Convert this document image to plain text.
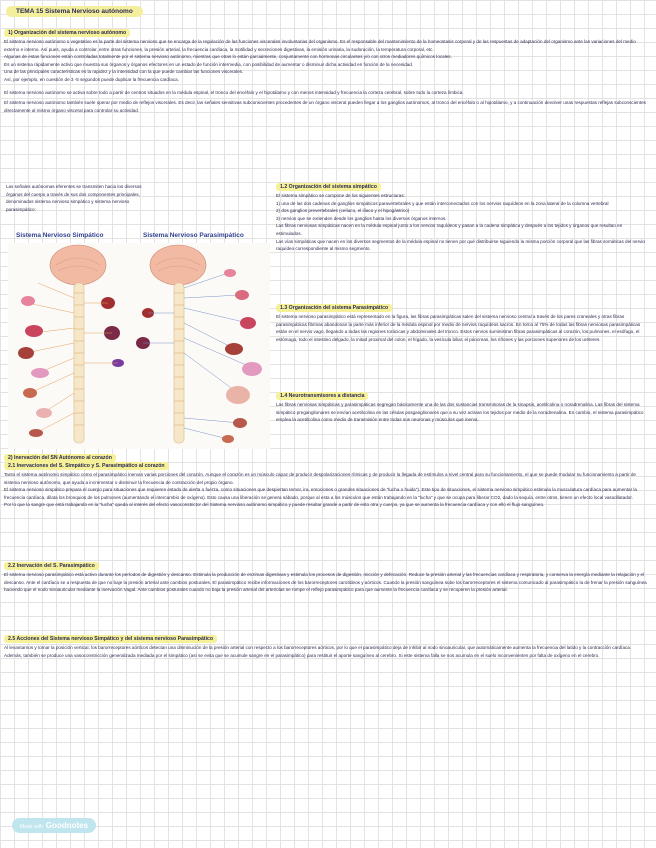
TEMA 15 Sistema Nervioso autónomo

1) Organización del sistema nervioso autónomo

El sistema nervioso autónomo o vegetativo es la parte del sistema nervioso que se encarga de la regulación de las funciones viscerales involuntarias del organismo. Es el responsable del mantenimiento de la homeostasis corporal y de las respuestas de adaptación del organismo ante las variaciones del medio externo e interno. Así pues, ayuda a controlar, entre otras funciones, la presión arterial, la frecuencia cardíaca, la motilidad y secreciones digestivas, la emisión urinaria, la sudoración, la temperatura corporal, etc.

Algunas de estas funciones están controladas totalmente por el sistema nervioso autónomo, mientras que otras lo están parcialmente, conjuntamente con hormonas circulantes y/o con otros mediadores químicos locales.

Es un sistema rápidamente activo que muestra sus órganos y órganos efectores en un estado de función intermedia, con posibilidad de aumentar o disminuir dicha actividad en función de la necesidad.

Una de las principales características es la rapidez y la intensidad con la que puede cambiar las funciones viscerales.

Así, por ejemplo, en cuestión de 3 -5 segundos puede duplicar la frecuencia cardíaca.

El sistema nervioso autónomo se activa sobre todo a partir de centros situados en la médula espinal, el tronco del encéfalo y el hipotálamo y con menos intensidad y frecuencia la corteza cerebral, sobre todo la corteza límbica.

El sistema nervioso autónomo también suele operar por medio de reflejos viscerales. Es decir, las señales sensitivas subconscientes procedentes de un órgano visceral pueden llegar a los ganglios autónomos, al tronco del encéfalo o al hipotálamo, y a continuación devolver unas respuestas reflejas subconscientes directamente al mismo órgano visceral para controlar su actividad.

Las señales autónomas eferentes se transmiten hacia los diversos órganos del cuerpo a través de sus dos componentes principales, denominados sistema nervioso simpático y sistema nervioso parasimpático:

Sistema Nervioso Simpático	Sistema Nervioso Parasimpático

1.2 Organización del sistema simpático

El sistema simpático se compone de los siguientes estructuras:

1) una de las dos cadenas de ganglios simpáticos paravertebrales y que están interconectados con los nervios raquídeos en la zona lateral de la columna vertebral

2) dos ganglios prevertebrales (celíaco, el ilíaco y el hipogástrico)

3) nervios que se extienden desde los ganglios hasta los diversos órganos internos.

Las fibras nerviosas simpáticas nacen en la médula espinal junto a los nervios raquídeos y pasan a la cadena simpática y después a los tejidos y órganos que resultan en estimulados.

Las vías simpáticas que nacen en los diversos segmentos de la médula espinal no tienen por qué distribuirse siguiendo la misma porción corporal que las fibras somáticas del nervio raquídeo correspondiente al mismo segmento.

1.3 Organización del sistema Parasimpático

El sistema nervioso parasimpático está representado en la figura, las fibras parasimpáticas salen del sistema nervioso central a través de los pares craneales y otras fibras parasimpáticas fibrinas abandonan la parte más inferior de la médula espinal por medio de nervios raquídeos sacros. En torno al 75% de todas las fibras nerviosas parasimpáticas están en el nervio vago, llegando a todas las regiones torácicas y abdominales del tronco. Estos nervios suministran fibras parasimpáticas al corazón, los pulmones, el esófago, el estómago, todo el intestino delgado, la mitad proximal del colon, el hígado, la vesícula biliar, el páncreas, los riñones y las porciones superiores de los uréteres.

1.4 Neurotransmisores a distancia

Las fibras nerviosas simpáticas y parasimpáticas segregan básicamente una de las dos sustancias transmisoras de la sinapsis, acetilcolina o noradrenalina. Las fibras del sistema simpático preganglionares se envían acetilcolina en las células posganglionares que a su vez activan los tejidos por medio de la noradrenalina. En cambio, el sistema parasimpático emplea la acetilcolina como medio de transmisión entre todas sus neuronas y músculos que inerva.

2) Inervación del SN Autónomo al corazón

2.1 Inervaciones del S. Simpático y S. Parasimpático al corazón

Tanto el sistema autónomo simpático como el parasimpático inervan varias porciones del corazón. Aunque el corazón es un músculo capaz de producir despolarizaciones rítmicas y de producir la llegada de estímulos a nivel central para su funcionamiento, el que se puede modular su funcionamiento a partir de sistema nervioso autónomo, que ayuda a incrementar o disminuir la frecuencia de contracción del propio órgano.

El sistema nervioso simpático prepara el cuerpo para situaciones que requieren estado de alerta o fuerza, como situaciones que despiertan temor, ira, emociones o grandes situaciones de "lucha o huida"). Este tipo de situaciones, el sistema nervioso simpático estimula la musculatura cardíaca para aumentar la frecuencia cardíaca, dilata los bronquios de los pulmones (aumentando el intercambio de oxígeno). Esto causa una liberación se genera sábado, porque al esta a los músculos que están trabajando en la "lucha" y que se ocupa para liberar CO2, dado la sequía, entre otros, tienen un efecto local vasodilatador.

Por lo que la sangre que está trabajando en la "lucha" queda al interés del efecto vasoconstrictor del Sistema nervioso autónomo simpático y puede resultar grande a partir de esto otra y cuerpo, ya que se aumenta la frecuencia cardíaca y con ello el flujo sanguíneo.

2.2 Inervación del S. Parasimpático

El sistema nervioso parasimpático está activo durante los períodos de digestión y descanso. Estimula la producción de enzimas digestivas y estimula los procesos de digestión, micción y defecación. Reduce la presión arterial y las frecuencias cardíaca y respiratoria, y conserva la energía mediante la relajación y el descanso. Ante el cardíaco se a respuesta de que no baje la presión arterial ante cambios posturales. El parasimpático recibe informaciones de los barorreceptores carotídeos y aórticos. Cuando la presión sanguínea sube los barorreceptores el sistema comunicado al parasimpático la de frenar la presión sanguínea haciendo que el nodo sinoauricular mediante la inervación Vagal. Ante cambios posturales cuando no baja la presión arterial del arteriolas se rompe el reflejo parasimpático para que aumente la frecuencia cardíaca y se recuperen la presión arterial.

2.5 Acciones del Sistema nervioso Simpático y del sistema nervioso Parasimpático

Al levantarnos y tomar la posición vertical, los barorreceptores aórticos detectan una disminución de la presión arterial con respecto a los barorreceptores aórticos, por lo que el parasimpático deja de inhibir al nodo sinoauricular, que automáticamente aumenta la frecuencia del latido y la contracción cardíaca. Además, también se produce una vasoconstricción generalizada mediada por el simpático (así se evita que se acumule sangre en el parasimpático) para restituir el aporte sanguíneo al cerebro. Si este sistema falla se nos acumula en el suelo inconvenientes por falta de oxígeno en el cerebro.

Made with Goodnotes
